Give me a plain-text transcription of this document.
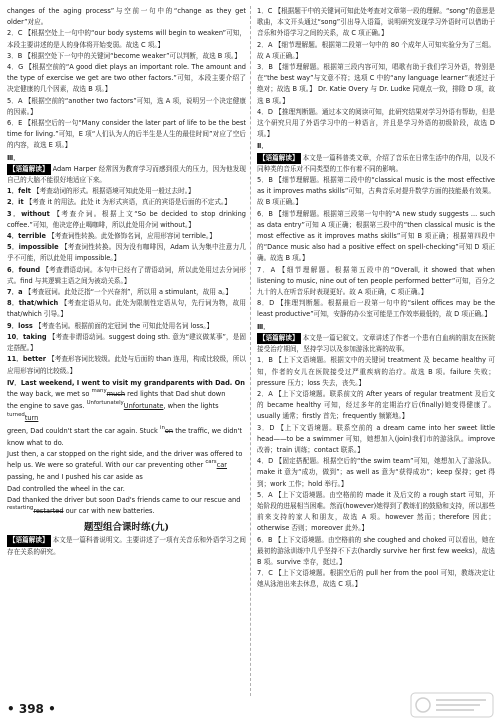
changes of the aging process”与空前一句中的“change as they get older”对应。

2．C 【根据空处上一句中的“our body systems will begin to weaken”可知，本段主要讲述的是人的身体将开始变弱。故选 C 项。】

3．B 【根据空处下一句中的关键词“become weaker”可以判断，故选 B 项。】

4．G 【根据空前的“A good diet plays an important role. The amount and the type of exercise we get are two other factors.”可知，本段主要介绍了决定健康的几个因素，故选 B 项。】

5．A 【根据空前的“another two factors”可知，选 A 项，说明另一个决定健康的因素。】

6．E 【根据空后的一句“Many consider the later part of life to be the best time for living.”可知，E 项“人们认为人的后半生是人生的最佳时间”对应了空后的内容，故选 E 项。】

Ⅲ．

【语篇解读】 Adam Harper 经常因为教育学习而感到很大的压力，因为他发现自己的大脑不能很好地适应下来。

1．felt 【考查动词的形式。根据语境可知此处用一般过去时。】

2．it 【考查 it 的用法。此处 it 为形式宾语，真正的宾语是后面的不定式。】

3．without 【考查介词。根据上文“So be decided to stop drinking coffee.”可知，他决定停止喝咖啡，所以此处用介词 without。】

4．terrible 【考查词性转换。此处修饰名词，应用形容词 terrible。】

5．impossible 【考查词性转换。因为没有咖啡因，Adam 认为集中注意力几乎不可能，所以此处用 impossible。】

6．found 【考查谓语动词。本句中已经有了谓语动词，所以此处用过去分词形式。find 与其逻辑主语之间为被动关系。】

7．a 【考查冠词。此处泛指“一个兴奋剂”，所以用 a stimulant，故用 a。】

8．that/which 【考查定语从句。此处为限制性定语从句，先行词为物，故用 that/which 引导。】

9．loss 【考查名词。根据前面的定冠词 the 可知此处用名词 loss。】

10．taking 【考查非谓语动词。suggest doing sth. 意为“建议做某事”，是固定搭配。】

11．better 【考查形容词比较级。此处与后面的 than 连用，构成比较级，所以应用形容词的比较级。】

Ⅳ．Last weekend, I went to visit my grandparents with Dad. On

the way back, we met so $^{many}$much red lights that Dad shut down

the engine to save gas. $^{Unfortunately}$Unfortunate, when the lights $^{turned}$turn

green, Dad couldn't start the car again. Stuck $^{in}$on the traffic, we didn't know what to do.

Just then, a car stopped on the right side, and the driver was offered to help us. We were so grateful. With our car preventing other $^{cars}$car passing, he and I pushed his car aside as

Dad controlled the wheel in the car.

Dad thanked the driver but soon Dad's friends came to our rescue and $^{restarting}$restarted our car with new batteries.

题型组合课时练(九)

【语篇解读】 本文是一篇科普说明文。主要讲述了一项有关音乐和外语学习之间存在关系的研究。

1．C 【根据题干中的关键词可知此处考查对文章第一段的理解。“song”的意思是歌曲，本文开头通过“song”引出导入语篇，说明研究发现学习外语时可以借助于音乐和外语学习之间的关系，故 C 项正确。】

2．A 【细节理解题。根据第二段第一句中的 80 个成年人可知实验分为了三组。故 A 项正确。】

3．B 【细节理解题。根据第三段内容可知，唱歌有助于我们学习外语，特别是在“the best way”与文意不符；选项 C 中的“any language learner”表述过于绝对；故选 B 项。】 Dr. Katie Overy 与 Dr. Ludke 同观点一致，排除 D 项，故选 B 项。】

4．D 【推理判断题。通过本文的阅读可知，此研究结果对学习外语有帮助，但是这个研究只用了外语学习中的一种语言，并且是学习外语的初级阶段，故选 D 项。】

Ⅱ．

【语篇解读】 本文是一篇科普类文章，介绍了音乐在日常生活中的作用，以及不同种类的音乐对不同类型的工作有着不同的影响。

5．B 【细节理解题。根据第二段中的“classical music is the most effective as it improves maths skills”可知，古典音乐对提升数学方面的技能最有效果。故 B 项正确。】

6．B 【细节理解题。根据第三段第一句中的“A new study suggests ... such as data entry”可知 A 项正确；根据第三段中的“then classical music is the most effective as it improves maths skills”可知 B 项正确；根据第四段中的“Dance music also had a positive effect on spell-checking”可知 D 项正确。故选 B 项。】

7．A 【细节理解题。根据第五段中的“Overall, it showed that when listening to music, nine out of ten people performed better”可知，百分之九十的人在听音乐时表现更好。故 A 项正确，C 项正确。】

8．D 【推理判断题。根据最后一段第一句中的“silent offices may be the least productive”可知，安静的办公室可能是工作效率最低的，故 D 项正确。】

Ⅲ．

【语篇解读】 本文是一篇记叙文。文章讲述了作者一个患有白血病的朋友在医院接受治疗期间，坚持学习以及参加游泳比赛的故事。

1．B 【上下文语境题。根据文中的关键词 treatment 及 became healthy 可知，作者的女儿在医院接受过严重疾病的治疗。故选 B 项。failure 失败；pressure 压力；loss 失去，丧失。】

2．A 【上下文语境题。联系前文的 After years of regular treatment 及后文的 became healthy 可知，经过多年的定期治疗后(finally)她变得健康了。usually 通常；firstly 首先；frequently 频繁地。】

3．D 【上下文语境题。联系空前的 a dream came into her sweet little head——to be a swimmer 可知，她想加入(join)我们市的游泳队。improve 改善；train 训练；contact 联系。】

4．D 【固定搭配题。根据空后的“the swim team”可知，她想加入了游泳队。make it 意为“成功，做到”；as well as 意为“获得成功”；keep 保持；get 得到；work 工作；hold 举行。】

5．A 【上下文语境题。由空格前的 made it 及后文的 a rough start 可知，开始阶段的进展相当困难。然而(however)她得到了教练们的鼓励和支持，所以那些前来支持的家人和朋友，故选 A 项。however 然而；therefore 因此；otherwise 否则；moreover 此外。】

6．B 【上下文语境题。由空格前的 she coughed and choked 可以看出，她在最初的游泳训练中几乎坚持不下去(hardly survive her first few weeks)，故选 B 项。survive 幸存，挺过。】

7．C 【上下文语境题。根据空后的 pull her from the pool 可知，教练决定让她从泳池出来去休息，故选 C 项。】

• 398 •
